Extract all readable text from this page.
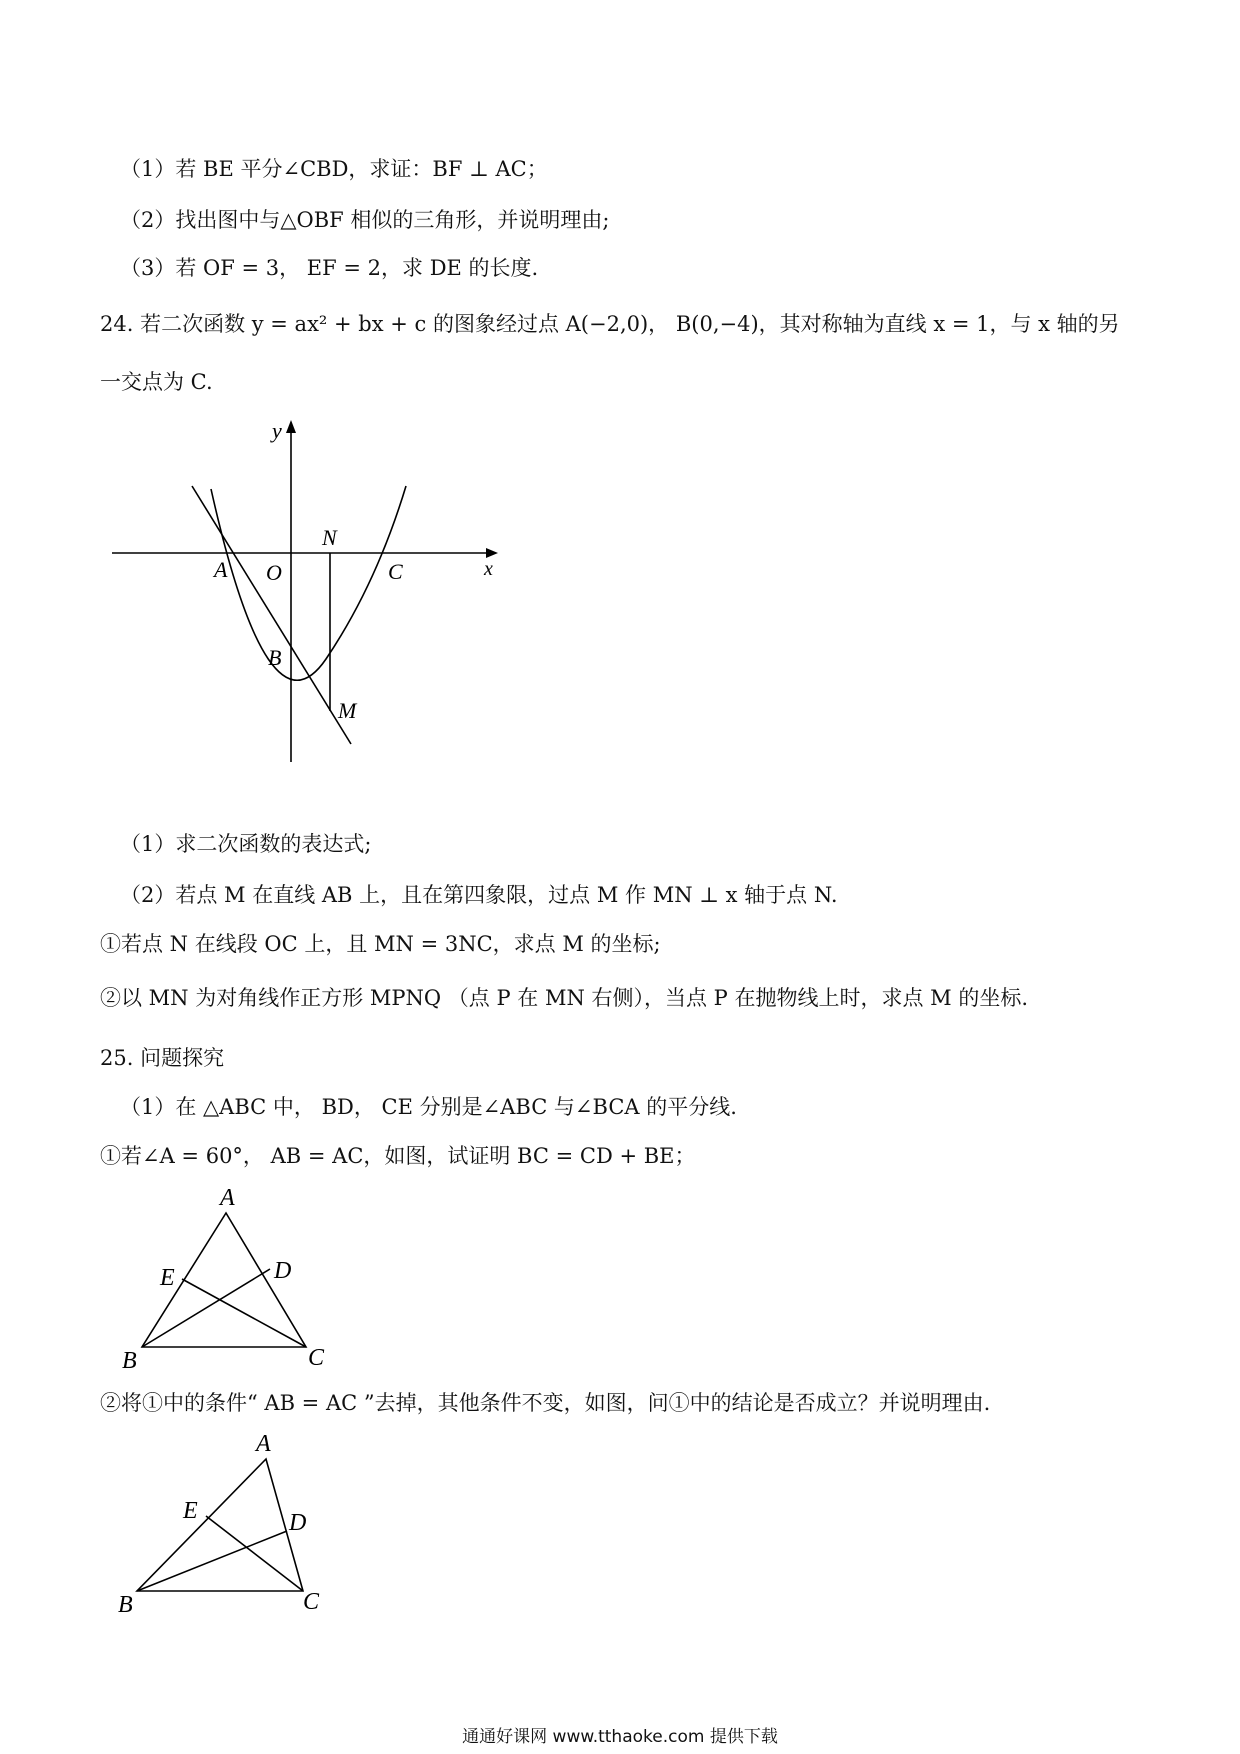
（1）若 BE 平分∠CBD，求证：BF ⊥ AC；
（2）找出图中与△OBF 相似的三角形，并说明理由;
（3）若 OF = 3， EF = 2，求 DE 的长度.
24. 若二次函数 y = ax² + bx + c 的图象经过点 A(−2,0)， B(0,−4)，其对称轴为直线 x = 1，与 x 轴的另
一交点为 C.
y
x
N
A O	C
B
M
（1）求二次函数的表达式;
（2）若点 M 在直线 AB 上，且在第四象限，过点 M 作 MN ⊥ x 轴于点 N.
①若点 N 在线段 OC 上，且 MN = 3NC，求点 M 的坐标;
②以 MN 为对角线作正方形 MPNQ （点 P 在 MN 右侧），当点 P 在抛物线上时，求点 M 的坐标.
25. 问题探究
（1）在 △ABC 中， BD， CE 分别是∠ABC 与∠BCA 的平分线.
①若∠A = 60°， AB = AC，如图，试证明 BC = CD + BE；
A
E	D
B	C
②将①中的条件“ AB = AC ”去掉，其他条件不变，如图，问①中的结论是否成立？并说明理由.
A
E	D
B	C
通通好课网 www.tthaoke.com 提供下载
